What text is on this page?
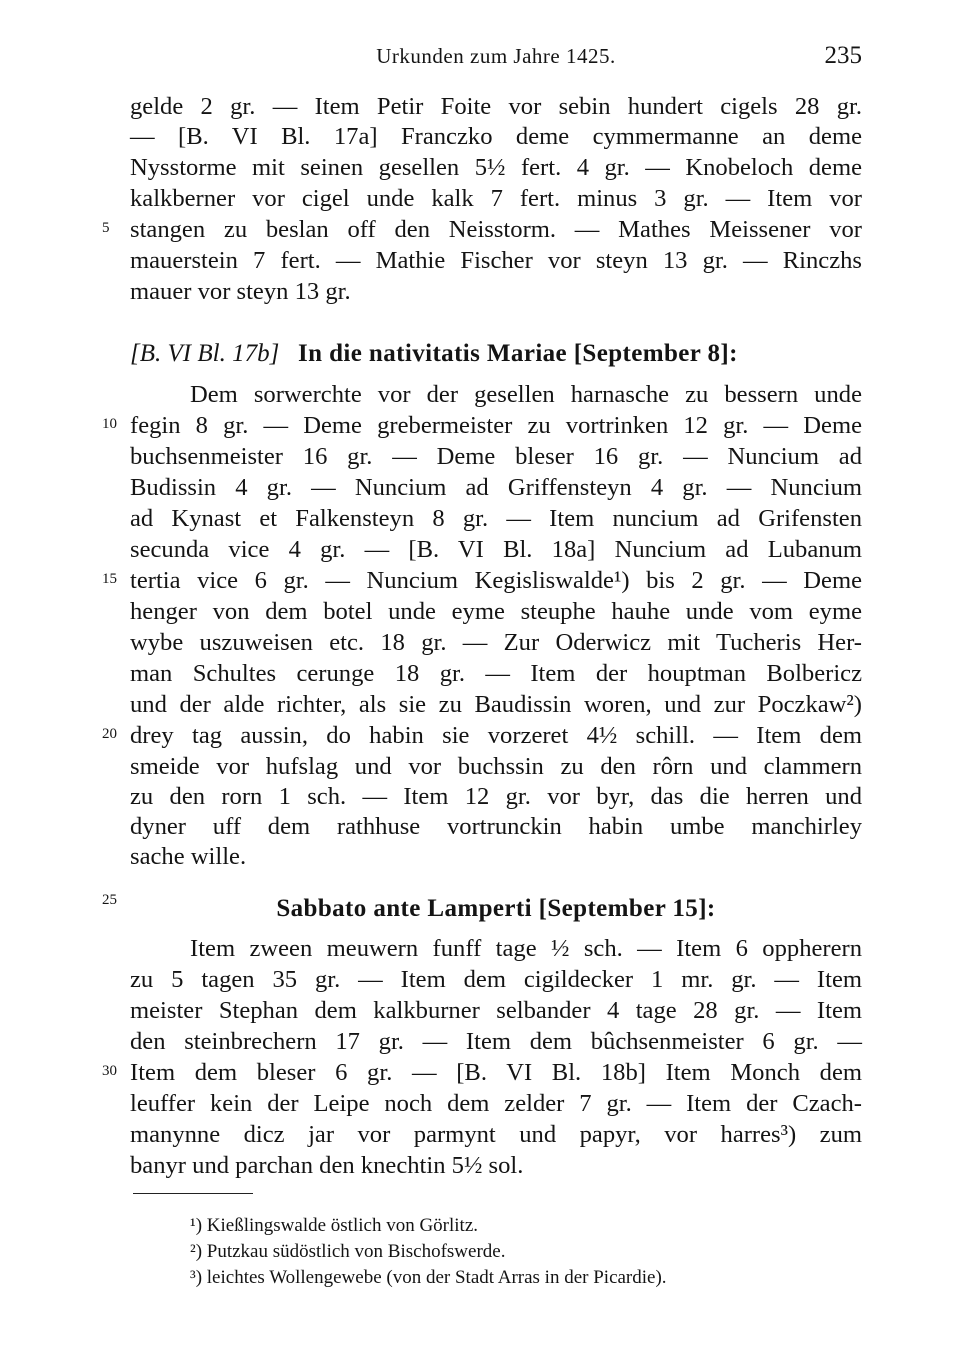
Urkunden zum Jahre 1425.	235
gelde 2 gr. — Item Petir Foite vor sebin hundert cigels 28 gr.
— [B. VI Bl. 17a] Franczko deme cymmermanne an deme
Nysstorme mit seinen gesellen 5½ fert. 4 gr. — Knobeloch deme
kalkberner vor cigel unde kalk 7 fert. minus 3 gr. — Item vor
stangen zu beslan off den Neisstorm. — Mathes Meissener vor
mauerstein 7 fert. — Mathie Fischer vor steyn 13 gr. — Rinczhs
mauer vor steyn 13 gr.
[B. VI Bl. 17b] In die nativitatis Mariae [September 8]:
Dem sorwerchte vor der gesellen harnasche zu bessern unde
fegin 8 gr. — Deme grebermeister zu vortrinken 12 gr. — Deme
buchsenmeister 16 gr. — Deme bleser 16 gr. — Nuncium ad
Budissin 4 gr. — Nuncium ad Griffensteyn 4 gr. — Nuncium
ad Kynast et Falkensteyn 8 gr. — Item nuncium ad Grifensten
secunda vice 4 gr. — [B. VI Bl. 18a] Nuncium ad Lubanum
tertia vice 6 gr. — Nuncium Kegisliswalde¹) bis 2 gr. — Deme
henger von dem botel unde eyme steuphe hauhe unde vom eyme
wybe uszuweisen etc. 18 gr. — Zur Oderwicz mit Tucheris Her-
man Schultes cerunge 18 gr. — Item der houptman Bolbericz
und der alde richter, als sie zu Baudissin woren, und zur Poczkaw²)
drey tag aussin, do habin sie vorzeret 4½ schill. — Item dem
smeide vor hufslag und vor buchssin zu den rôrn und clammern
zu den rorn 1 sch. — Item 12 gr. vor byr, das die herren und
dyner uff dem rathhuse vortrunckin habin umbe manchirley
sache wille.
Sabbato ante Lamperti [September 15]:
Item zween meuwern funff tage ½ sch. — Item 6 oppherern
zu 5 tagen 35 gr. — Item dem cigildecker 1 mr. gr. — Item
meister Stephan dem kalkburner selbander 4 tage 28 gr. — Item
den steinbrechern 17 gr. — Item dem bûchsenmeister 6 gr. —
Item dem bleser 6 gr. — [B. VI Bl. 18b] Item Monch dem
leuffer kein der Leipe noch dem zelder 7 gr. — Item der Czach-
manynne dicz jar vor parmynt und papyr, vor harres³) zum
banyr und parchan den knechtin 5½ sol.
5
10
15
20
25
30
¹) Kießlingswalde östlich von Görlitz.
²) Putzkau südöstlich von Bischofswerde.
³) leichtes Wollengewebe (von der Stadt Arras in der Picardie).
